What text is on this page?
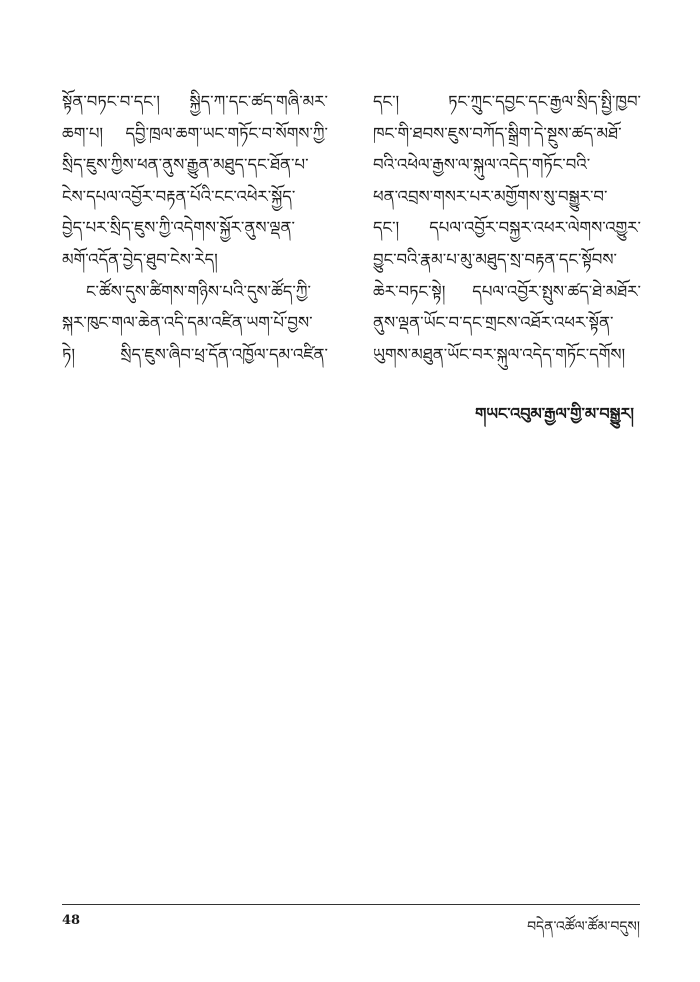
སྟོན་བཏང་བ་དང་། སྐྱིད་ཀ་དང་ཚད་གཞི་མར་
ཆག་པ། དབྱི་ཁྲལ་ཆག་ཡང་གཏོང་བ་སོགས་ཀྱི་
སྲིད་ཇུས་ཀྱིས་ཕན་ནུས་རྒྱུན་མཐུད་དང་ཐོན་པ་
ངེས་དཔལ་འབྱོར་བརྟན་པོའི་ངང་འཕེར་སྐྱོད་
བྱེད་པར་སྲིད་ཇུས་ཀྱི་འདེགས་སྐྱོར་ནུས་ལྡན་
མགོ་འདོན་བྱེད་ཐུབ་ངེས་རེད།
ང་ཚོས་དུས་ཚིགས་གཉིས་པའི་དུས་ཚོད་ཀྱི་
སྐར་ཁུང་གལ་ཆེན་འདི་དམ་འཛིན་ཡག་པོ་བྱས་
ཏེ། སྲིད་ཇུས་ཞིབ་ཕྲ་དོན་འཁྱོལ་དམ་འཛིན་
དང་། ཏང་ཀྲུང་དབྱང་དང་རྒྱལ་སྲིད་སྤྱི་ཁྱབ་
ཁང་གི་ཐབས་ཇུས་བཀོད་སྒྲིག་དེ་སྔུས་ཚད་མཐོ་
བའི་འཕེལ་རྒྱས་ལ་སྐུལ་འདེད་གཏོང་བའི་
ཕན་འབྲས་གསར་པར་མགྱོགས་སུ་བསྒྱུར་བ་
དང་། དཔལ་འབྱོར་བསྐྱར་འཕར་ལེགས་འགྱུར་
བྱུང་བའི་རྣམ་པ་མུ་མཐུད་སྲ་བརྟན་དང་སྟོབས་
ཆེར་བཏང་སྟེ། དཔལ་འབྱོར་སྤུས་ཚད་ཐེ་མཐོར་
ནུས་ལྡན་ཡོང་བ་དང་གྲངས་འཐོར་འཕར་སྟོན་
ཡུགས་མཐུན་ཡོང་བར་སྐུལ་འདེད་གཏོང་དགོས།
གཡང་འབུམ་རྒྱལ་གྱི་མ་བསྒྱུར།
48	བདེན་འཚོལ་ཚོམ་བདུས།
